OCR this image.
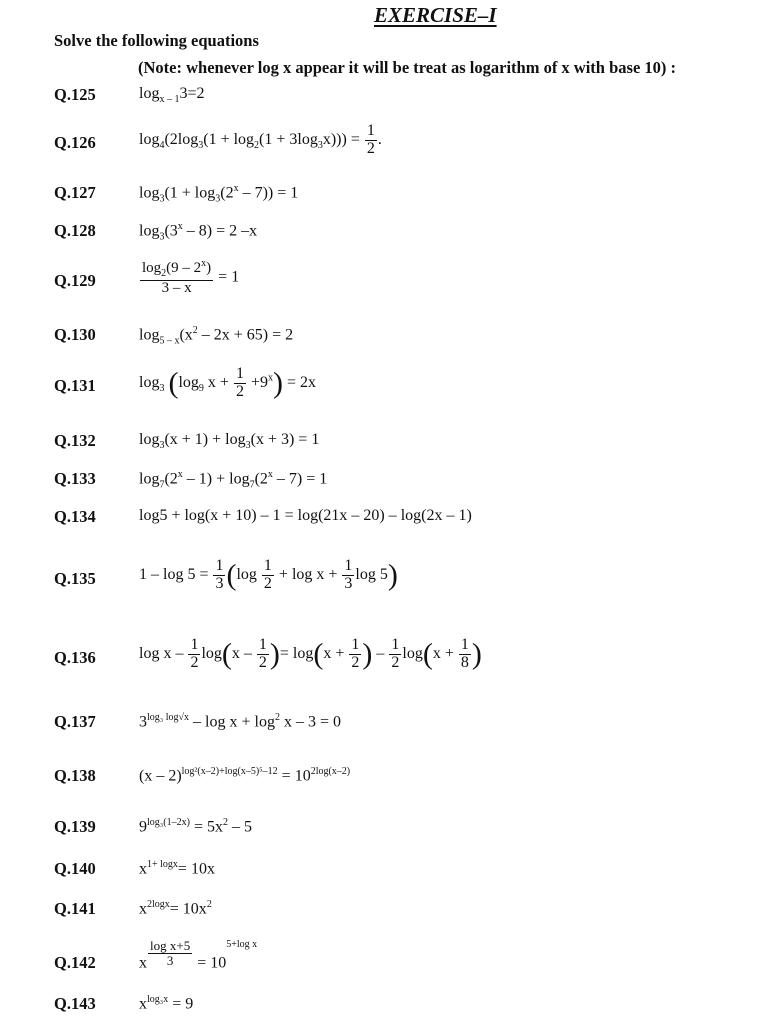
EXERCISE–I
Solve the following equations
(Note: whenever log x appear it will be treat as logarithm of x with base 10) :
Q.125	$\log_{x - 1}3=2$
Q.126	$\log_4(2\log_3(1 + \log_2(1 + 3\log_3x))) = \frac{1}{2}$ .
Q.127	$\log_3(1 + \log_3(2^x - 7)) = 1$
Q.128	$\log_3(3^x - 8) = 2$ –x
Q.129	$\frac{\log_2(9 - 2^x)}{3 - x} = 1$
Q.130	$\log_{5 - x}(x^2 - 2x + 65) = 2$
Q.131	$\log_3 (\log_9$ $x + \frac{1}{2} +9^x) = 2x$
Q.132	$\log_3(x + 1) + \log_3(x + 3) = 1$
Q.133	$\log_7(2^x - 1) + \log_7(2^x - 7) = 1$
Q.134	log5 + log(x + 10) – 1 = log(21x – 20) – log(2x – 1)
Q.135	$1 - \log 5 = \frac{1}{3} (\log \frac{1}{2} + \log x + \frac{1}{3}$ log 5)
Q.136	log x – $\frac{1}{2} \log(x - \frac{1}{2}$ )= $\log(x + \frac{1}{2}$ ) – $\frac{1}{2} \log(x + \frac{1}{8}$ )
Q.137	$3^{log_3 log√x} - \log x + \log^2 x - 3 = 0$
Q.138	$(x - 2)^{log^2(x-2)+log(x-5)^5-12} = 10^{2log(x-2)}$
Q.139	$9^{log_3(1-2x)} = 5x^2 - 5$
Q.140	$x^{1+ logx}= 10x$
Q.141	$x^{2logx}= 10x^2$
Q.142	x $\frac{\text{log x+5}}{3} = 10^{5+log x}$
Q.143	$x^{log_3x} = 9$
